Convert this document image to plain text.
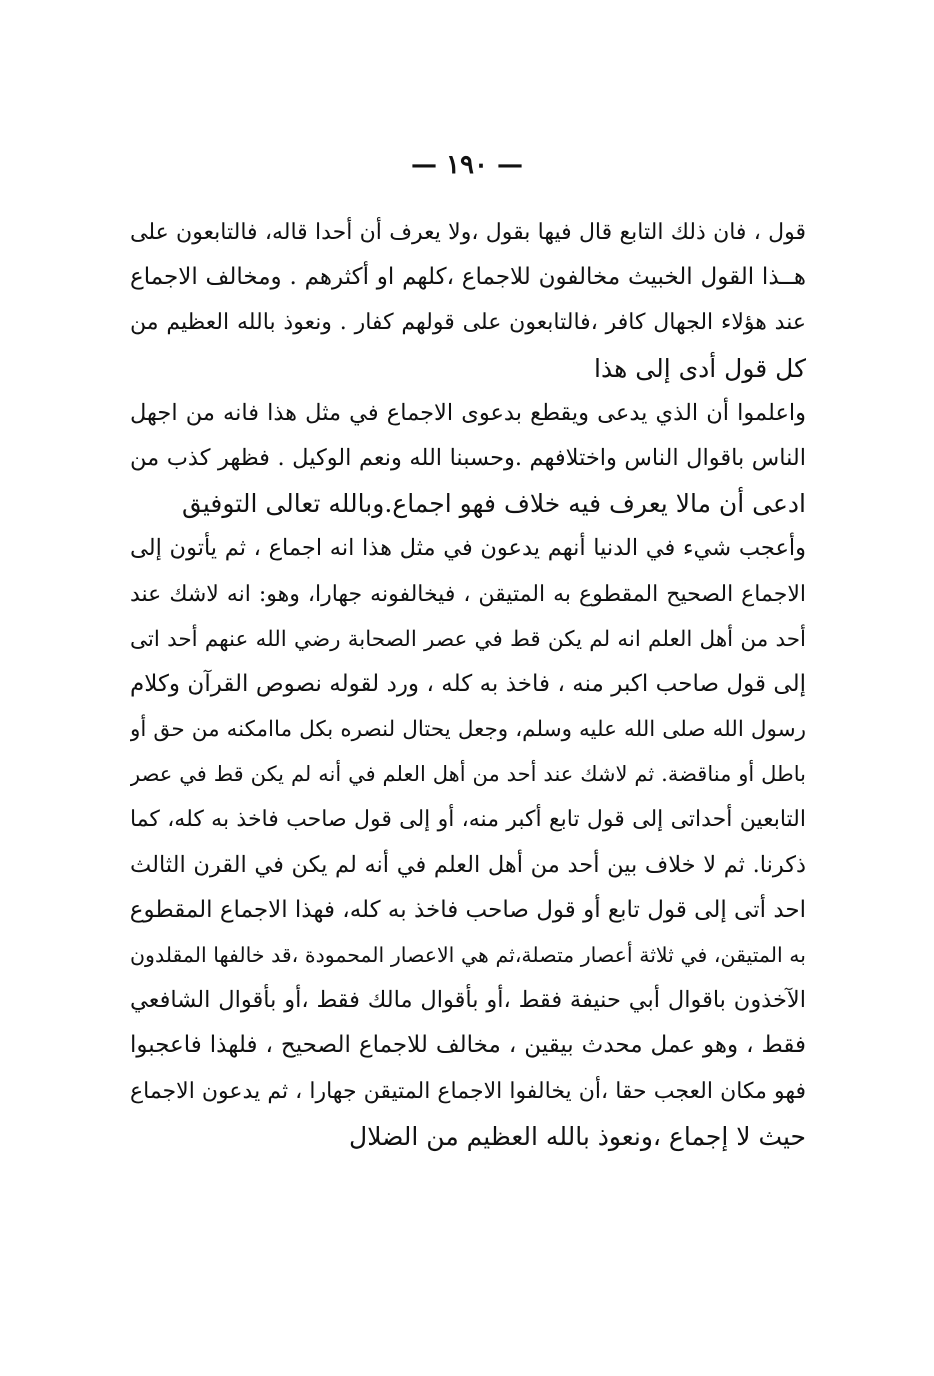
— ١٩٠ —
قول ، فان ذلك التابع قال فيها بقول ،ولا يعرف أن أحدا قاله، فالتابعون على
هــذا القول الخبيث مخالفون للاجماع ،كلهم او أكثرهم . ومخالف الاجماع
عند هؤلاء الجهال كافر ،فالتابعون على قولهم كفار . ونعوذ بالله العظيم من
كل قول أدى إلى هذا
واعلموا أن الذي يدعى ويقطع بدعوى الاجماع في مثل هذا فانه من اجهل
الناس باقوال الناس واختلافهم .وحسبنا الله ونعم الوكيل . فظهر كذب من
ادعى أن مالا يعرف فيه خلاف فهو اجماع.وبالله تعالى التوفيق
وأعجب شيء في الدنيا أنهم يدعون في مثل هذا انه اجماع ، ثم يأتون إلى
الاجماع الصحيح المقطوع به المتيقن ، فيخالفونه جهارا، وهو: انه لاشك عند
أحد من أهل العلم انه لم يكن قط في عصر الصحابة رضي الله عنهم أحد اتى
إلى قول صاحب اكبر منه ، فاخذ به كله ، ورد لقوله نصوص القرآن وكلام
رسول الله صلى الله عليه وسلم، وجعل يحتال لنصره بكل ماامكنه من حق أو
باطل أو مناقضة. ثم لاشك عند أحد من أهل العلم في أنه لم يكن قط في عصر
التابعين أحداتى إلى قول تابع أكبر منه، أو إلى قول صاحب فاخذ به كله، كما
ذكرنا. ثم لا خلاف بين أحد من أهل العلم في أنه لم يكن في القرن الثالث
احد أتى إلى قول تابع أو قول صاحب فاخذ به كله، فهذا الاجماع المقطوع
به المتيقن، في ثلاثة أعصار متصلة،ثم هي الاعصار المحمودة ،قد خالفها المقلدون
الآخذون باقوال أبي حنيفة فقط ،أو بأقوال مالك فقط ،أو بأقوال الشافعي
فقط ، وهو عمل محدث بيقين ، مخالف للاجماع الصحيح ، فلهذا فاعجبوا
فهو مكان العجب حقا ،أن يخالفوا الاجماع المتيقن جهارا ، ثم يدعون الاجماع
حيث لا إجماع ،ونعوذ بالله العظيم من الضلال
